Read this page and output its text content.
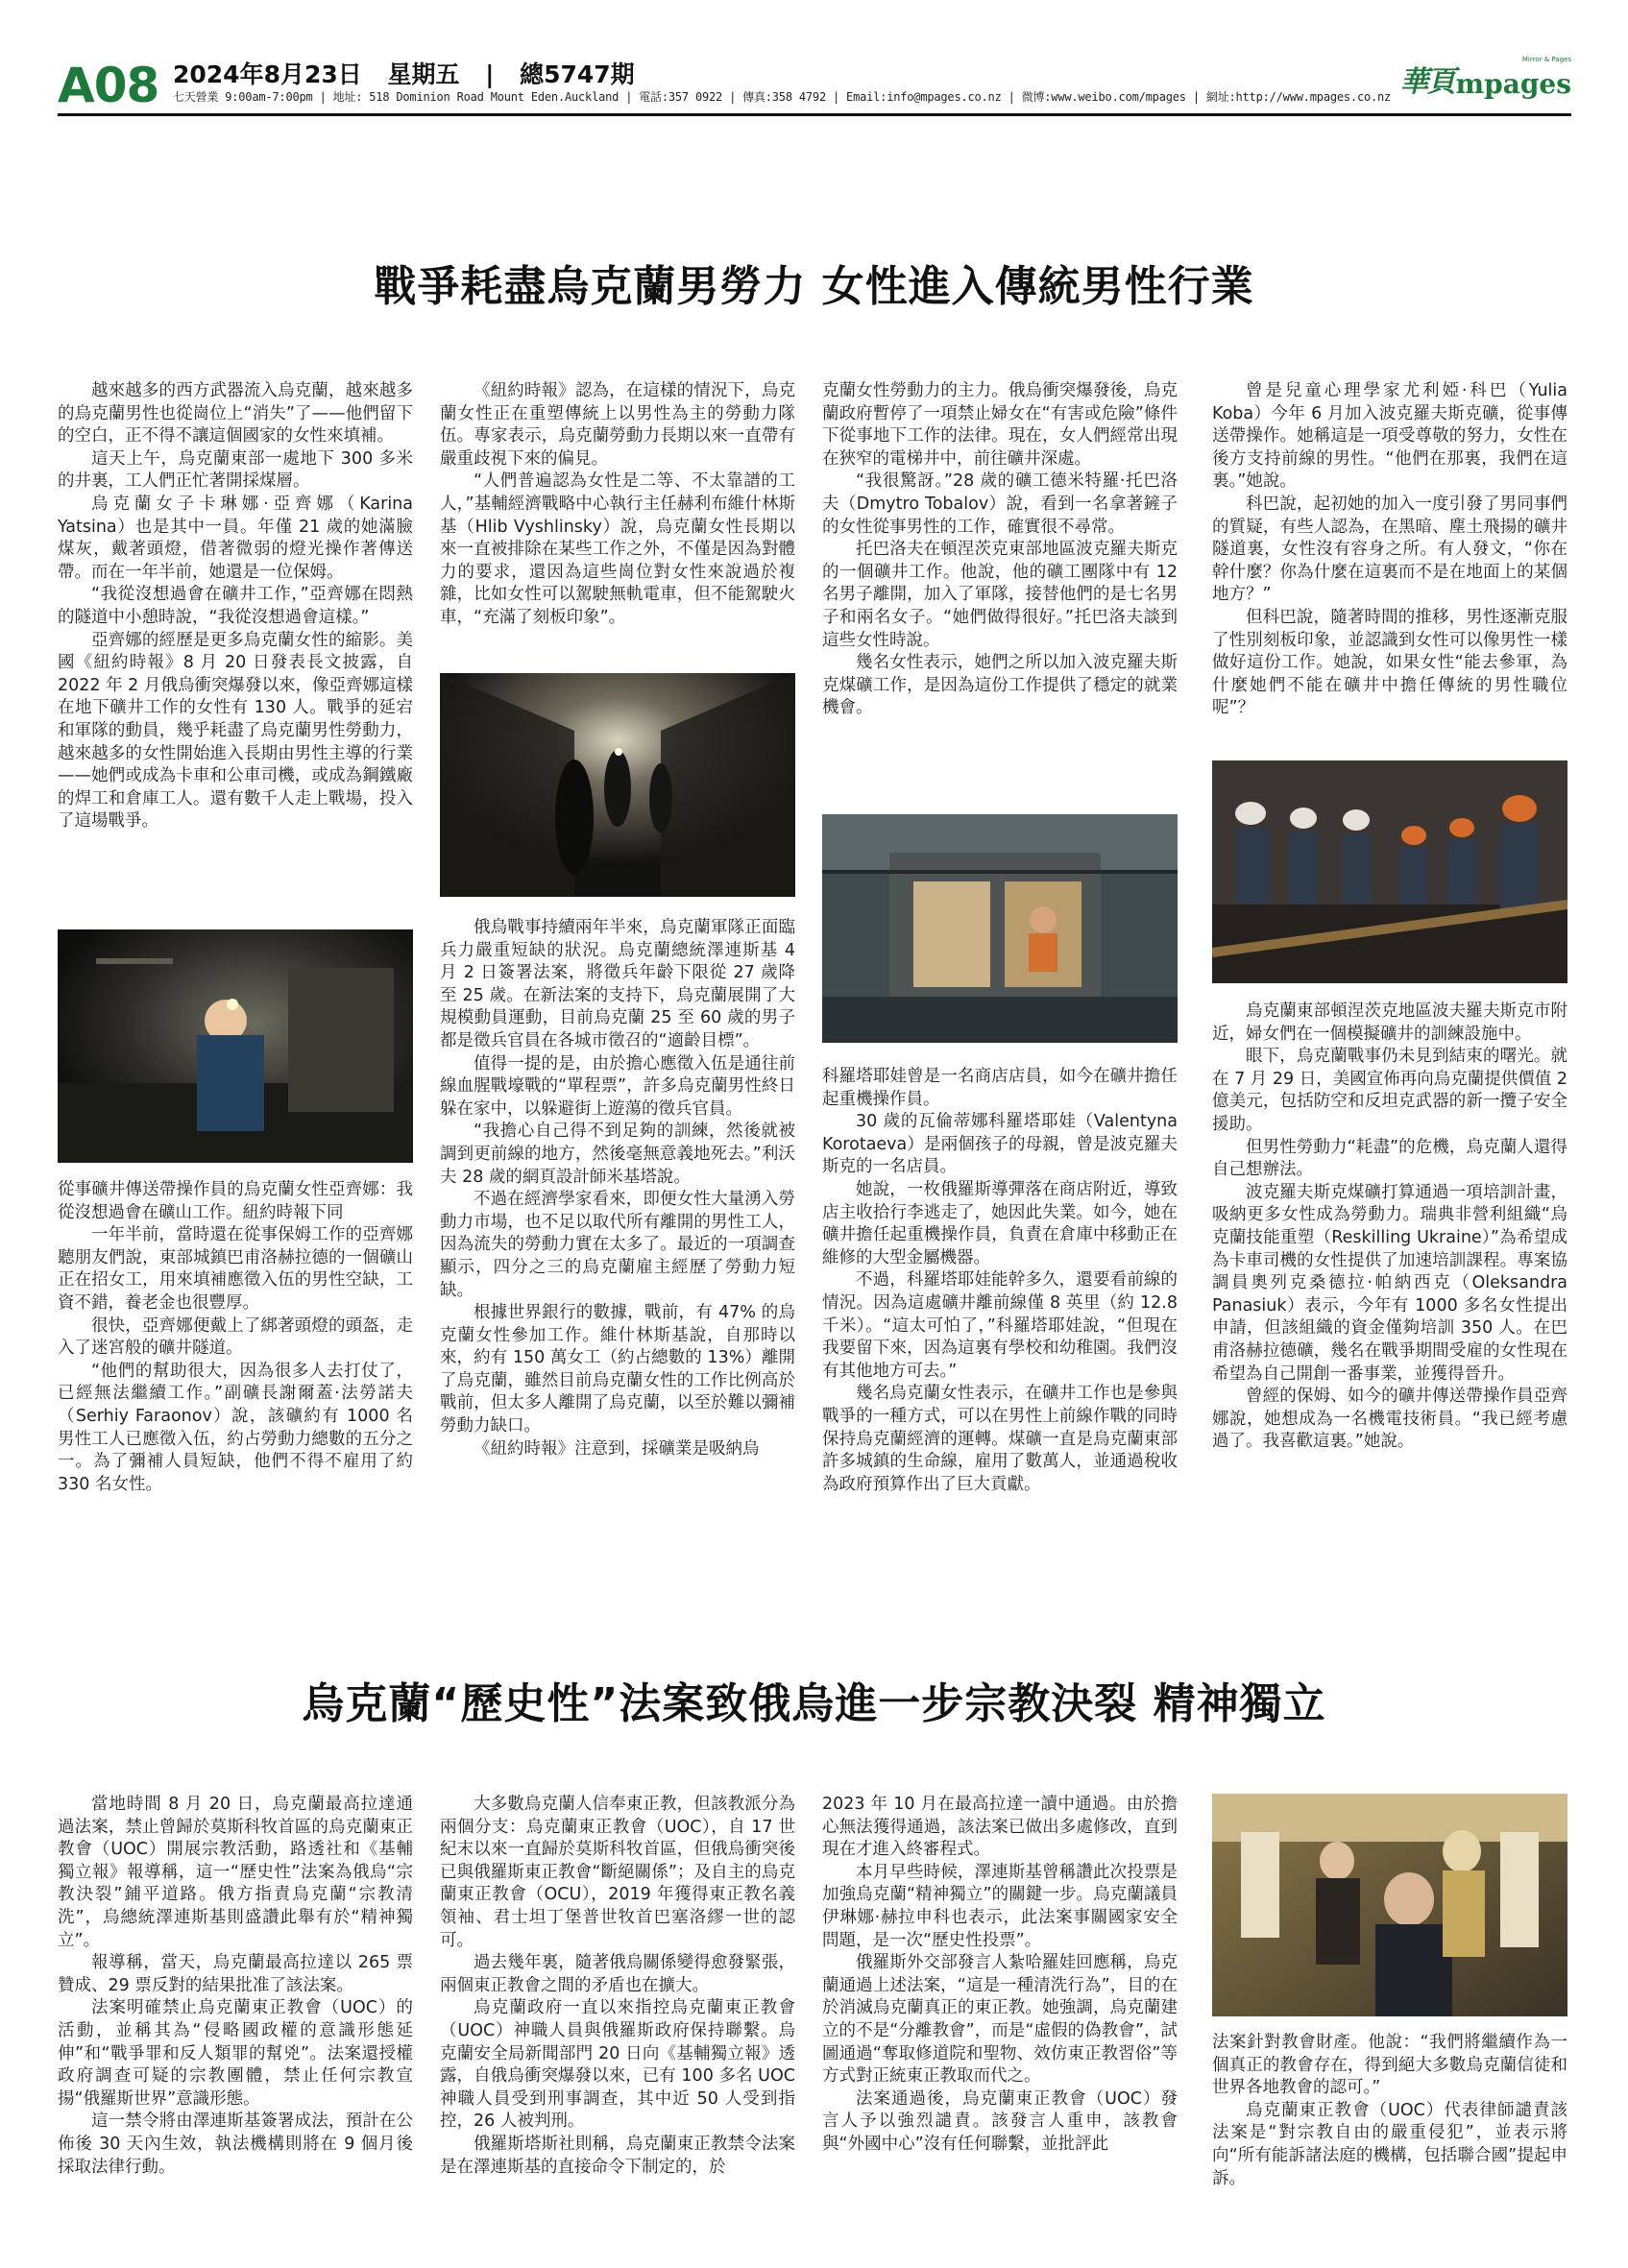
A08 2024年8月23日 星期五 | 總5747期
七天營業 9:00am-7:00pm | 地址: 518 Dominion Road Mount Eden.Auckland | 電話:357 0922 | 傳真:358 4792 | Email:info@mpages.co.nz | 微博:www.weibo.com/mpages | 網址:http://www.mpages.co.nz
Mirror & Pages
華頁 mpages
戰爭耗盡烏克蘭男勞力 女性進入傳統男性行業

越來越多的西方武器流入烏克蘭，越來越多的烏克蘭男性也從崗位上“消失”了——他們留下的空白，正不得不讓這個國家的女性來填補。

這天上午，烏克蘭東部一處地下 300 多米的井裏，工人們正忙著開採煤層。

烏克蘭女子卡琳娜·亞齊娜（Karina Yatsina）也是其中一員。年僅 21 歲的她滿臉煤灰，戴著頭燈，借著微弱的燈光操作著傳送帶。而在一年半前，她還是一位保姆。

“我從沒想過會在礦井工作，”亞齊娜在悶熱的隧道中小憩時說，“我從沒想過會這樣。”

亞齊娜的經歷是更多烏克蘭女性的縮影。美國《紐約時報》8 月 20 日發表長文披露，自 2022 年 2 月俄烏衝突爆發以來，像亞齊娜這樣在地下礦井工作的女性有 130 人。戰爭的延宕和軍隊的動員，幾乎耗盡了烏克蘭男性勞動力，越來越多的女性開始進入長期由男性主導的行業——她們或成為卡車和公車司機，或成為鋼鐵廠的焊工和倉庫工人。還有數千人走上戰場，投入了這場戰爭。

從事礦井傳送帶操作員的烏克蘭女性亞齊娜：我從沒想過會在礦山工作。紐約時報下同

一年半前，當時還在從事保姆工作的亞齊娜聽朋友們說，東部城鎮巴甫洛赫拉德的一個礦山正在招女工，用來填補應徵入伍的男性空缺，工資不錯，養老金也很豐厚。

很快，亞齊娜便戴上了綁著頭燈的頭盔，走入了迷宮般的礦井隧道。

“他們的幫助很大，因為很多人去打仗了，已經無法繼續工作。”副礦長謝爾蓋·法勞諾夫（Serhiy Faraonov）說，該礦約有 1000 名男性工人已應徵入伍，約占勞動力總數的五分之一。為了彌補人員短缺，他們不得不雇用了約 330 名女性。

《紐約時報》認為，在這樣的情況下，烏克蘭女性正在重塑傳統上以男性為主的勞動力隊伍。專家表示，烏克蘭勞動力長期以來一直帶有嚴重歧視下來的偏見。

“人們普遍認為女性是二等、不太靠譜的工人，”基輔經濟戰略中心執行主任赫利布維什林斯基（Hlib Vyshlinsky）說，烏克蘭女性長期以來一直被排除在某些工作之外，不僅是因為對體力的要求，還因為這些崗位對女性來說過於複雜，比如女性可以駕駛無軌電車，但不能駕駛火車，“充滿了刻板印象”。

俄烏戰事持續兩年半來，烏克蘭軍隊正面臨兵力嚴重短缺的狀況。烏克蘭總統澤連斯基 4 月 2 日簽署法案，將徵兵年齡下限從 27 歲降至 25 歲。在新法案的支持下，烏克蘭展開了大規模動員運動，目前烏克蘭 25 至 60 歲的男子都是徵兵官員在各城市徵召的“適齡目標”。

值得一提的是，由於擔心應徵入伍是通往前線血腥戰壕戰的“單程票”，許多烏克蘭男性終日躲在家中，以躲避街上遊蕩的徵兵官員。

“我擔心自己得不到足夠的訓練，然後就被調到更前線的地方，然後毫無意義地死去。”利沃夫 28 歲的網頁設計師米基塔說。

不過在經濟學家看來，即便女性大量湧入勞動力市場，也不足以取代所有離開的男性工人，因為流失的勞動力實在太多了。最近的一項調查顯示，四分之三的烏克蘭雇主經歷了勞動力短缺。

根據世界銀行的數據，戰前，有 47% 的烏克蘭女性參加工作。維什林斯基說，自那時以來，約有 150 萬女工（約占總數的 13%）離開了烏克蘭，雖然目前烏克蘭女性的工作比例高於戰前，但太多人離開了烏克蘭，以至於難以彌補勞動力缺口。

《紐約時報》注意到，採礦業是吸納烏

克蘭女性勞動力的主力。俄烏衝突爆發後，烏克蘭政府暫停了一項禁止婦女在“有害或危險”條件下從事地下工作的法律。現在，女人們經常出現在狹窄的電梯井中，前往礦井深處。

“我很驚訝。”28 歲的礦工德米特羅·托巴洛夫（Dmytro Tobalov）說，看到一名拿著鏟子的女性從事男性的工作，確實很不尋常。

托巴洛夫在頓涅茨克東部地區波克羅夫斯克的一個礦井工作。他說，他的礦工團隊中有 12 名男子離開，加入了軍隊，接替他們的是七名男子和兩名女子。“她們做得很好。”托巴洛夫談到這些女性時說。

幾名女性表示，她們之所以加入波克羅夫斯克煤礦工作，是因為這份工作提供了穩定的就業機會。

科羅塔耶娃曾是一名商店店員，如今在礦井擔任起重機操作員。

30 歲的瓦倫蒂娜科羅塔耶娃（Valentyna Korotaeva）是兩個孩子的母親，曾是波克羅夫斯克的一名店員。

她說，一枚俄羅斯導彈落在商店附近，導致店主收拾行李逃走了，她因此失業。如今，她在礦井擔任起重機操作員，負責在倉庫中移動正在維修的大型金屬機器。

不過，科羅塔耶娃能幹多久，還要看前線的情況。因為這處礦井離前線僅 8 英里（約 12.8 千米）。“這太可怕了，”科羅塔耶娃說，“但現在我要留下來，因為這裏有學校和幼稚園。我們沒有其他地方可去。”

幾名烏克蘭女性表示，在礦井工作也是參與戰爭的一種方式，可以在男性上前線作戰的同時保持烏克蘭經濟的運轉。煤礦一直是烏克蘭東部許多城鎮的生命線，雇用了數萬人，並通過稅收為政府預算作出了巨大貢獻。

曾是兒童心理學家尤利婭·科巴（Yulia Koba）今年 6 月加入波克羅夫斯克礦，從事傳送帶操作。她稱這是一項受尊敬的努力，女性在後方支持前線的男性。“他們在那裏，我們在這裏。”她說。

科巴說，起初她的加入一度引發了男同事們的質疑，有些人認為，在黑暗、塵土飛揚的礦井隧道裏，女性沒有容身之所。有人發文，“你在幹什麼？你為什麼在這裏而不是在地面上的某個地方？”

但科巴說，隨著時間的推移，男性逐漸克服了性別刻板印象，並認識到女性可以像男性一樣做好這份工作。她說，如果女性“能去參軍，為什麼她們不能在礦井中擔任傳統的男性職位呢”？

烏克蘭東部頓涅茨克地區波夫羅夫斯克市附近，婦女們在一個模擬礦井的訓練設施中。

眼下，烏克蘭戰事仍未見到結束的曙光。就在 7 月 29 日，美國宣佈再向烏克蘭提供價值 2 億美元，包括防空和反坦克武器的新一攬子安全援助。

但男性勞動力“耗盡”的危機，烏克蘭人還得自己想辦法。

波克羅夫斯克煤礦打算通過一項培訓計畫，吸納更多女性成為勞動力。瑞典非營利組織“烏克蘭技能重塑（Reskilling Ukraine）”為希望成為卡車司機的女性提供了加速培訓課程。專案協調員奧列克桑德拉·帕納西克（Oleksandra Panasiuk）表示，今年有 1000 多名女性提出申請，但該組織的資金僅夠培訓 350 人。在巴甫洛赫拉德礦，幾名在戰爭期間受雇的女性現在希望為自己開創一番事業，並獲得晉升。

曾經的保姆、如今的礦井傳送帶操作員亞齊娜說，她想成為一名機電技術員。“我已經考慮過了。我喜歡這裏。”她說。

烏克蘭“歷史性”法案致俄烏進一步宗教決裂 精神獨立

當地時間 8 月 20 日，烏克蘭最高拉達通過法案，禁止曾歸於莫斯科牧首區的烏克蘭東正教會（UOC）開展宗教活動，路透社和《基輔獨立報》報導稱，這一“歷史性”法案為俄烏“宗教決裂”鋪平道路。俄方指責烏克蘭“宗教清洗”，烏總統澤連斯基則盛讚此舉有於“精神獨立”。

報導稱，當天，烏克蘭最高拉達以 265 票贊成、29 票反對的結果批准了該法案。

法案明確禁止烏克蘭東正教會（UOC）的活動，並稱其為“侵略國政權的意識形態延伸”和“戰爭罪和反人類罪的幫兇”。法案還授權政府調查可疑的宗教團體，禁止任何宗教宣揚“俄羅斯世界”意識形態。

這一禁令將由澤連斯基簽署成法，預計在公佈後 30 天內生效，執法機構則將在 9 個月後採取法律行動。

大多數烏克蘭人信奉東正教，但該教派分為兩個分支：烏克蘭東正教會（UOC），自 17 世紀末以來一直歸於莫斯科牧首區，但俄烏衝突後已與俄羅斯東正教會“斷絕關係”；及自主的烏克蘭東正教會（OCU），2019 年獲得東正教名義領袖、君士坦丁堡普世牧首巴塞洛繆一世的認可。

過去幾年裏，隨著俄烏關係變得愈發緊張，兩個東正教會之間的矛盾也在擴大。

烏克蘭政府一直以來指控烏克蘭東正教會（UOC）神職人員與俄羅斯政府保持聯繫。烏克蘭安全局新聞部門 20 日向《基輔獨立報》透露，自俄烏衝突爆發以來，已有 100 多名 UOC 神職人員受到刑事調查，其中近 50 人受到指控，26 人被判刑。

俄羅斯塔斯社則稱，烏克蘭東正教禁令法案是在澤連斯基的直接命令下制定的，於

2023 年 10 月在最高拉達一讀中通過。由於擔心無法獲得通過，該法案已做出多處修改，直到現在才進入終審程式。

本月早些時候，澤連斯基曾稱讚此次投票是加強烏克蘭“精神獨立”的關鍵一步。烏克蘭議員伊琳娜·赫拉申科也表示，此法案事關國家安全問題，是一次“歷史性投票”。

俄羅斯外交部發言人紮哈羅娃回應稱，烏克蘭通過上述法案，“這是一種清洗行為”，目的在於消滅烏克蘭真正的東正教。她強調，烏克蘭建立的不是“分離教會”，而是“虛假的偽教會”，試圖通過“奪取修道院和聖物、效仿東正教習俗”等方式對正統東正教取而代之。

法案通過後，烏克蘭東正教會（UOC）發言人予以強烈譴責。該發言人重申，該教會與“外國中心”沒有任何聯繫，並批評此

法案針對教會財產。他說：“我們將繼續作為一個真正的教會存在，得到絕大多數烏克蘭信徒和世界各地教會的認可。”

烏克蘭東正教會（UOC）代表律師譴責該法案是“對宗教自由的嚴重侵犯”，並表示將向“所有能訴諸法庭的機構，包括聯合國”提起申訴。
